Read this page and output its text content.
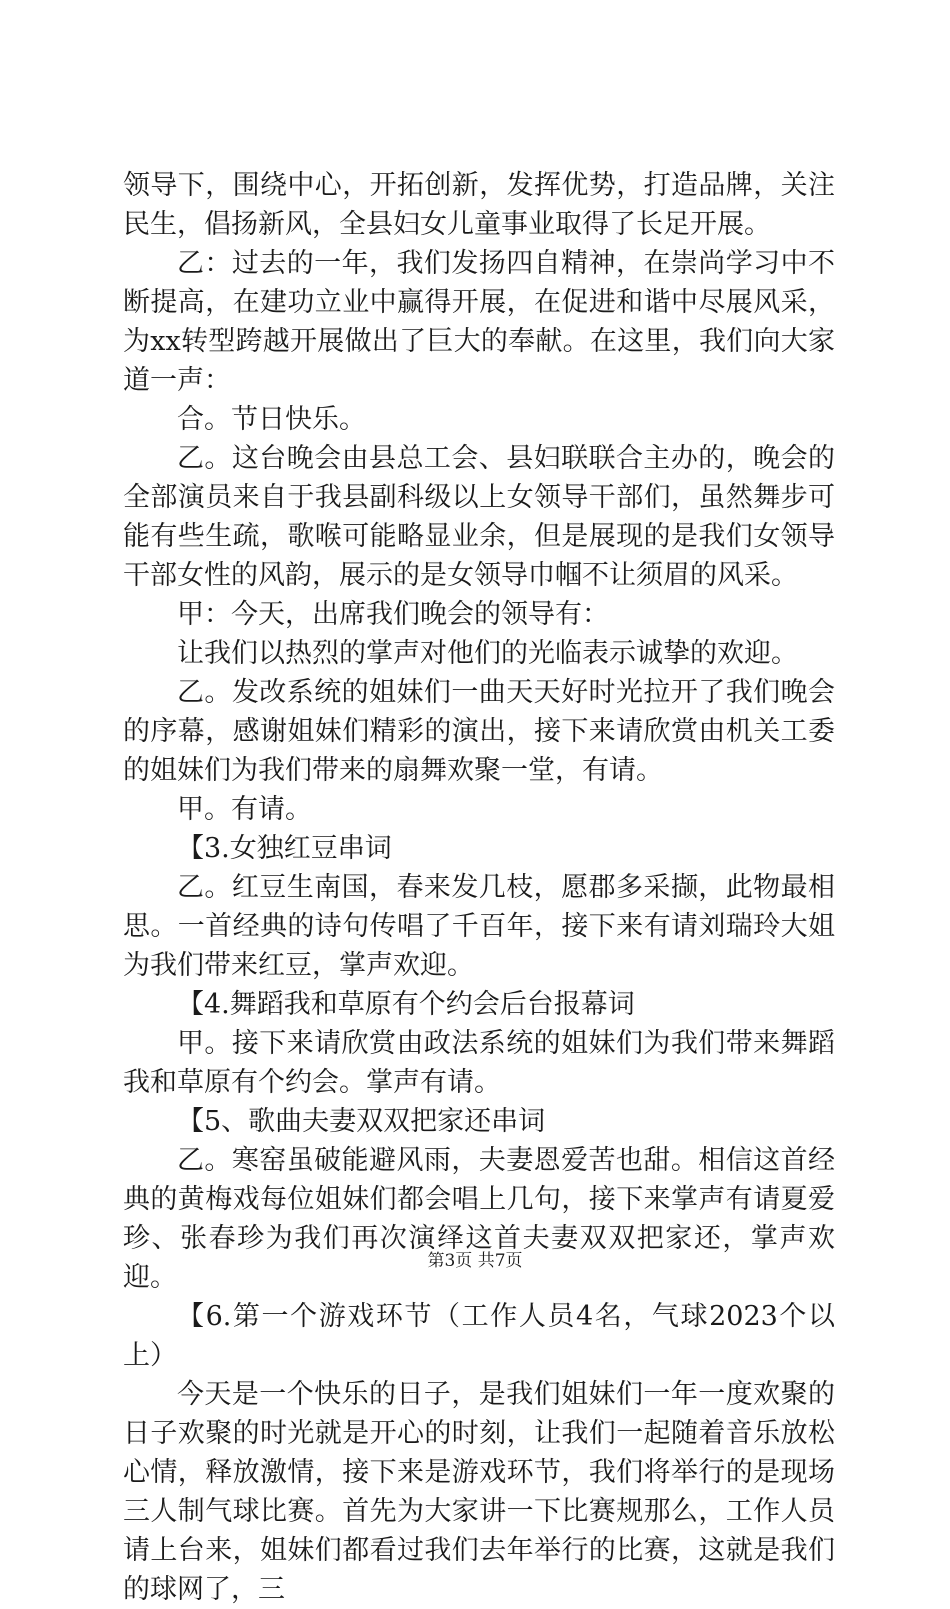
领导下，围绕中心，开拓创新，发挥优势，打造品牌，关注民生，倡扬新风，全县妇女儿童事业取得了长足开展。

乙：过去的一年，我们发扬四自精神，在崇尚学习中不断提高，在建功立业中赢得开展，在促进和谐中尽展风采，为xx转型跨越开展做出了巨大的奉献。在这里，我们向大家道一声：

合。节日快乐。

乙。这台晚会由县总工会、县妇联联合主办的，晚会的全部演员来自于我县副科级以上女领导干部们，虽然舞步可能有些生疏，歌喉可能略显业余，但是展现的是我们女领导干部女性的风韵，展示的是女领导巾帼不让须眉的风采。

甲：今天，出席我们晚会的领导有：

让我们以热烈的掌声对他们的光临表示诚挚的欢迎。

乙。发改系统的姐妹们一曲天天好时光拉开了我们晚会的序幕，感谢姐妹们精彩的演出，接下来请欣赏由机关工委的姐妹们为我们带来的扇舞欢聚一堂，有请。

甲。有请。

【3.女独红豆串词

乙。红豆生南国，春来发几枝，愿郡多采撷，此物最相思。一首经典的诗句传唱了千百年，接下来有请刘瑞玲大姐为我们带来红豆，掌声欢迎。

【4.舞蹈我和草原有个约会后台报幕词

甲。接下来请欣赏由政法系统的姐妹们为我们带来舞蹈我和草原有个约会。掌声有请。

【5、歌曲夫妻双双把家还串词

乙。寒窑虽破能避风雨，夫妻恩爱苦也甜。相信这首经典的黄梅戏每位姐妹们都会唱上几句，接下来掌声有请夏爱珍、张春珍为我们再次演绎这首夫妻双双把家还，掌声欢迎。

【6.第一个游戏环节（工作人员4名，气球2023个以上）

今天是一个快乐的日子，是我们姐妹们一年一度欢聚的日子欢聚的时光就是开心的时刻，让我们一起随着音乐放松心情，释放激情，接下来是游戏环节，我们将举行的是现场三人制气球比赛。首先为大家讲一下比赛规那么，工作人员请上台来，姐妹们都看过我们去年举行的比赛，这就是我们的球网了，三

第3页 共7页
